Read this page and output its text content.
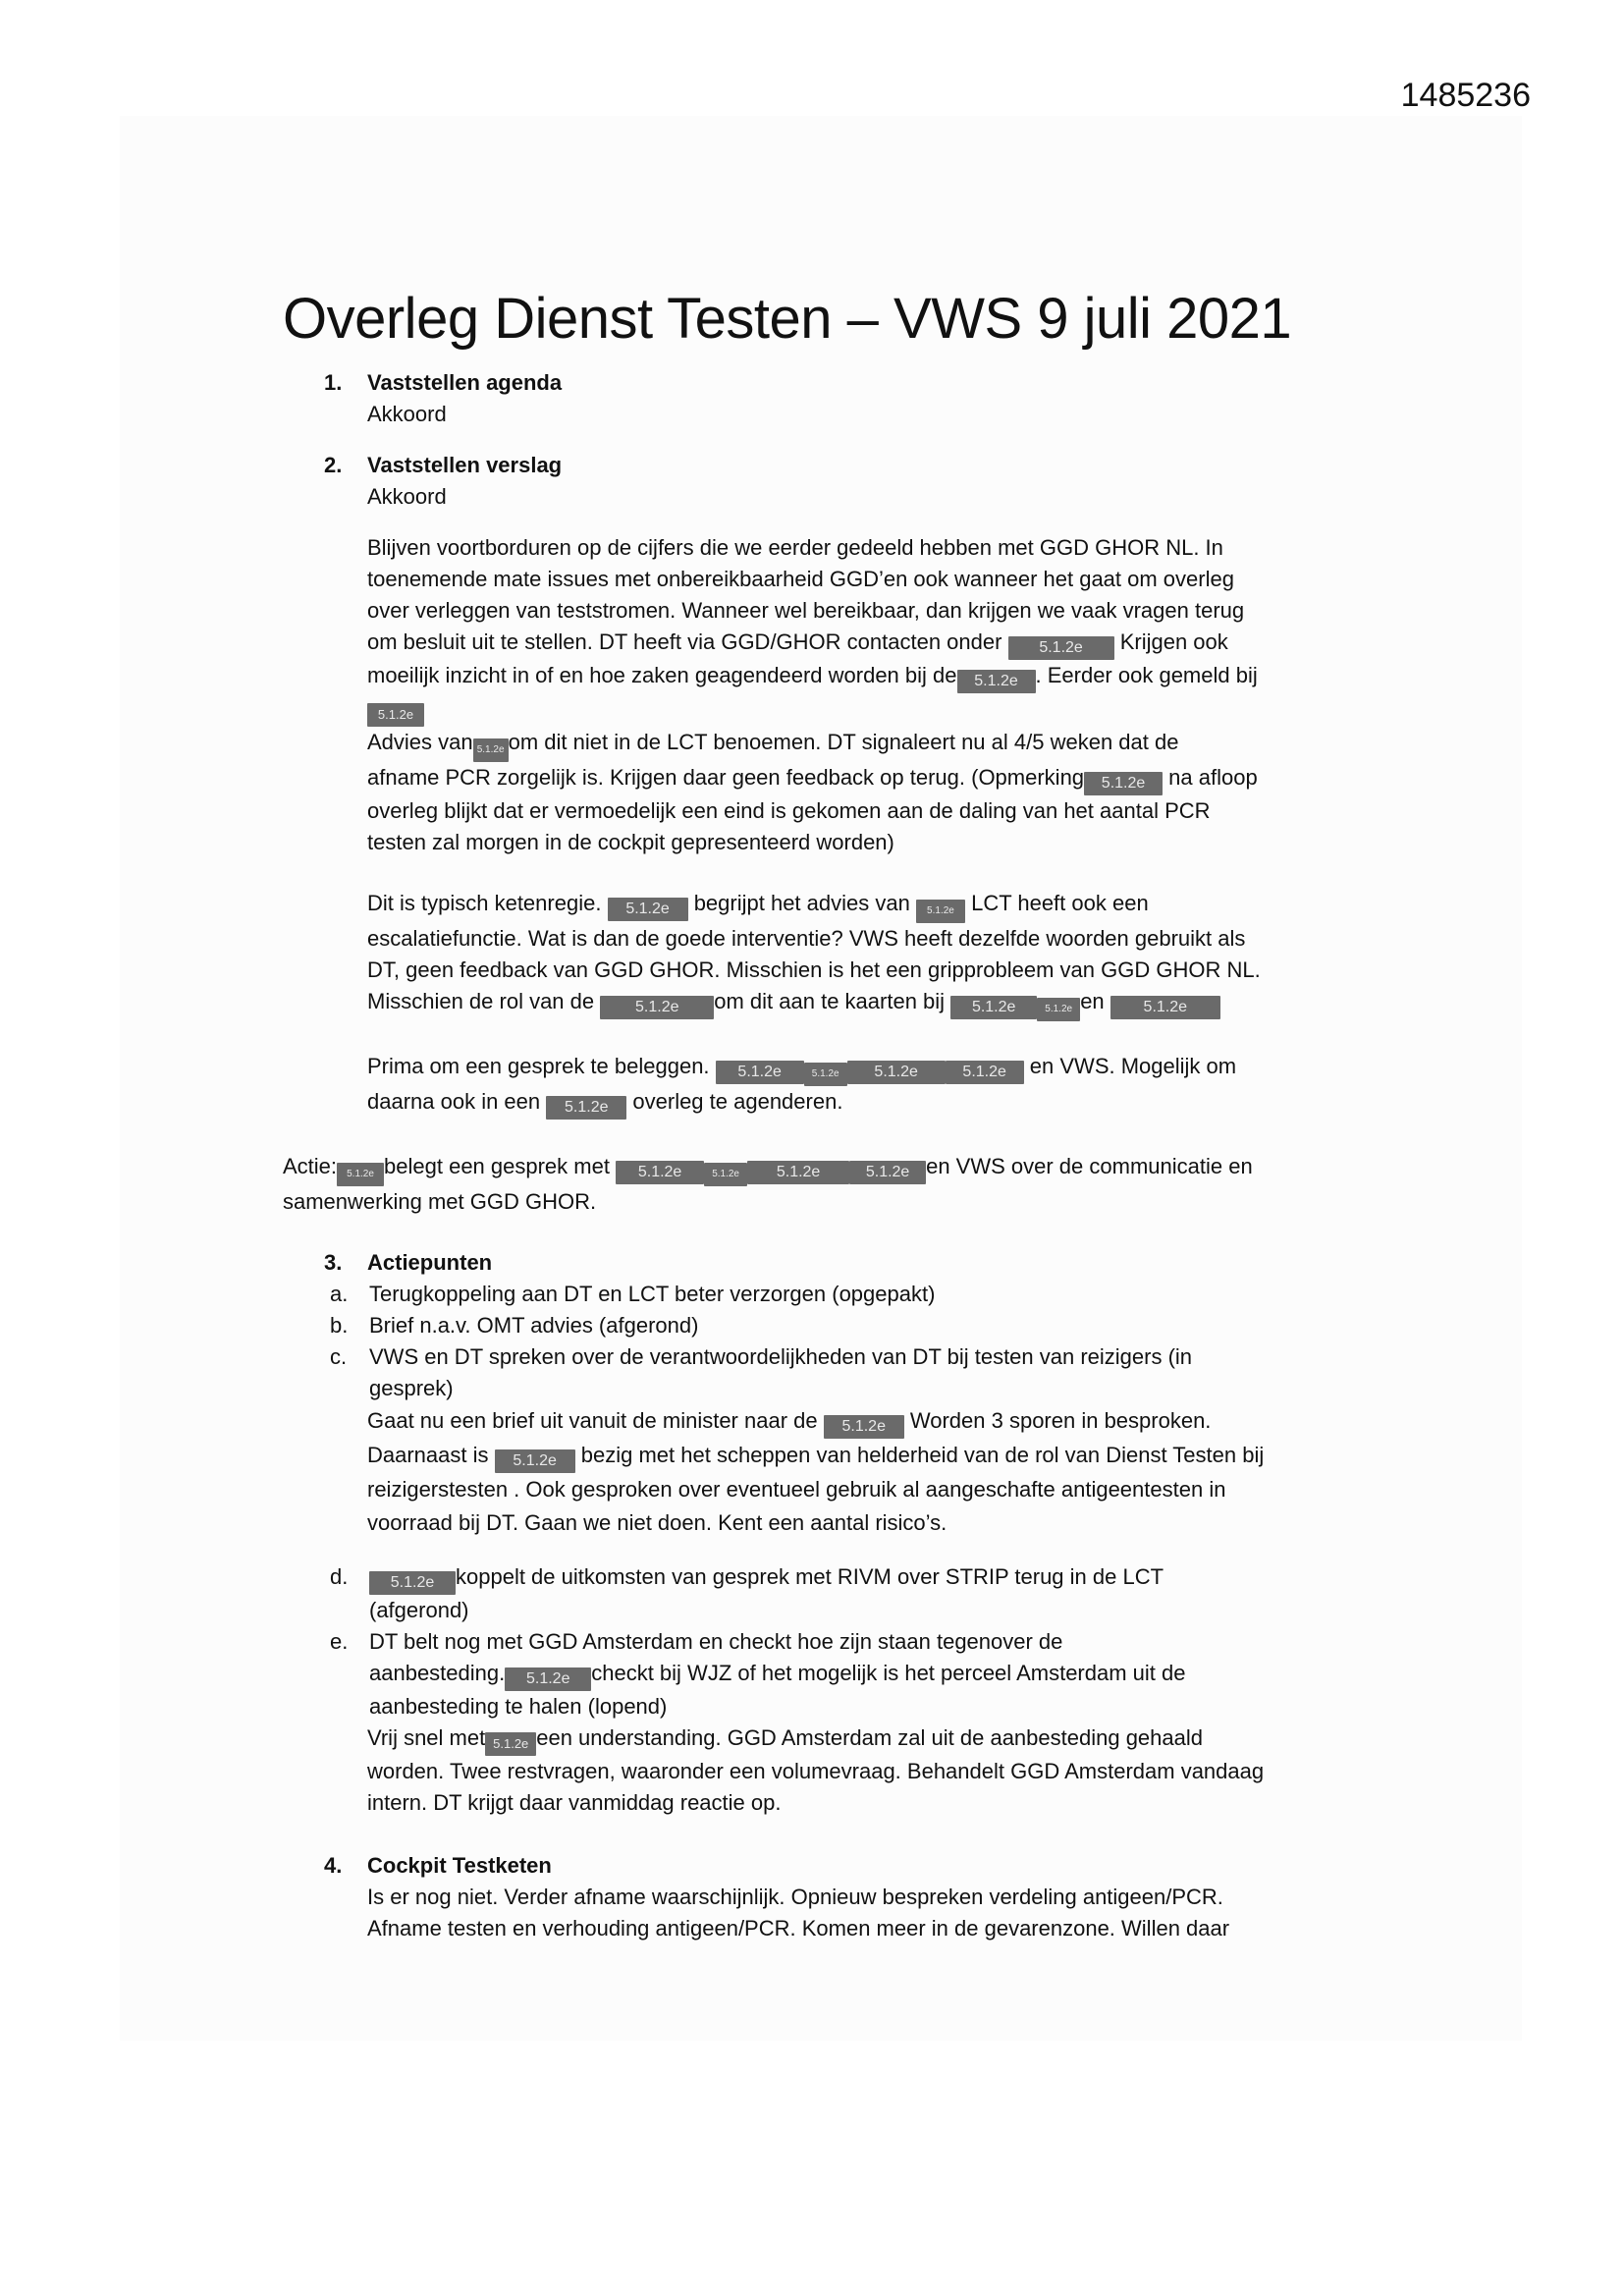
1485236
Overleg Dienst Testen – VWS 9 juli 2021
1. Vaststellen agenda
Akkoord
2. Vaststellen verslag
Akkoord
Blijven voortborduren op de cijfers die we eerder gedeeld hebben met GGD GHOR NL. In
toenemende mate issues met onbereikbaarheid GGD’en ook wanneer het gaat om overleg
over verleggen van teststromen. Wanneer wel bereikbaar, dan krijgen we vaak vragen terug
om besluit uit te stellen. DT heeft via GGD/GHOR contacten onder 5.1.2e Krijgen ook
moeilijk inzicht in of en hoe zaken geagendeerd worden bij de 5.1.2e . Eerder ook gemeld bij
5.1.2e
Advies van 5.1.2e om dit niet in de LCT benoemen. DT signaleert nu al 4/5 weken dat de
afname PCR zorgelijk is. Krijgen daar geen feedback op terug. (Opmerking 5.1.2e na afloop
overleg blijkt dat er vermoedelijk een eind is gekomen aan de daling van het aantal PCR
testen zal morgen in de cockpit gepresenteerd worden)
Dit is typisch ketenregie. 5.1.2e begrijpt het advies van 5.1.2e LCT heeft ook een
escalatiefunctie. Wat is dan de goede interventie? VWS heeft dezelfde woorden gebruikt als
DT, geen feedback van GGD GHOR. Misschien is het een gripprobleem van GGD GHOR NL.
Misschien de rol van de	5.1.2e om dit aan te kaarten bij 5.1.2e	5.1.2e en 5.1.2e
Prima om een gesprek te beleggen. 5.1.2e	5.1.2e 5.1.2e	5.1.2e en VWS. Mogelijk om
daarna ook in een 5.1.2e overleg te agenderen.
Actie: 5.1.2e belegt een gesprek met 5.1.2e	5.1.2e 5.1.2e	5.1.2e en VWS over de communicatie en
samenwerking met GGD GHOR.
3. Actiepunten
a. Terugkoppeling aan DT en LCT beter verzorgen (opgepakt)
b. Brief n.a.v. OMT advies (afgerond)
c. VWS en DT spreken over de verantwoordelijkheden van DT bij testen van reizigers (in
gesprek)
Gaat nu een brief uit vanuit de minister naar de 5.1.2e Worden 3 sporen in besproken.
Daarnaast is 5.1.2e bezig met het scheppen van helderheid van de rol van Dienst Testen bij
reizigerstesten . Ook gesproken over eventueel gebruik al aangeschafte antigeentesten in
voorraad bij DT. Gaan we niet doen. Kent een aantal risico’s.
d.	5.1.2e koppelt de uitkomsten van gesprek met RIVM over STRIP terug in de LCT
(afgerond)
e. DT belt nog met GGD Amsterdam en checkt hoe zijn staan tegenover de
aanbesteding. 5.1.2e checkt bij WJZ of het mogelijk is het perceel Amsterdam uit de
aanbesteding te halen (lopend)
Vrij snel met 5.1.2e een understanding. GGD Amsterdam zal uit de aanbesteding gehaald
worden. Twee restvragen, waaronder een volumevraag. Behandelt GGD Amsterdam vandaag
intern. DT krijgt daar vanmiddag reactie op.
4. Cockpit Testketen
Is er nog niet. Verder afname waarschijnlijk. Opnieuw bespreken verdeling antigeen/PCR.
Afname testen en verhouding antigeen/PCR. Komen meer in de gevarenzone. Willen daar
